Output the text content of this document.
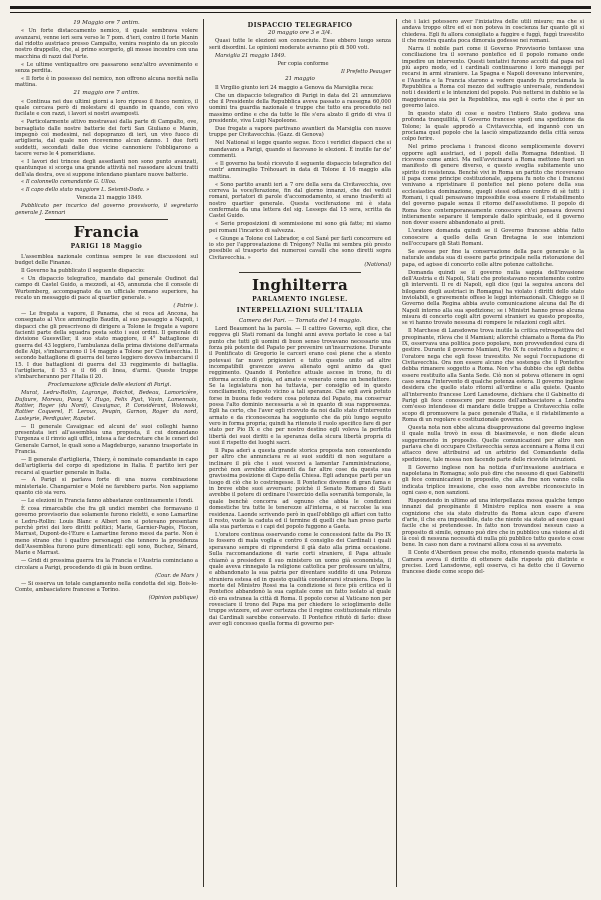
19 Maggio ore 7 antim.

« Un forte distaccamento nemico, il quale sembrava volere avanzarsi, venne ieri sera verso le 7 pom. d'ieri, contro il forte Manin dal ridotto austriaco presso Campalto, venira respinto da un piccolo nostro drappello, che, al primo scorgerlo, gli mosse incontro con una macchina di razzi dal Forte.

« Le ultime ventiquattro ore passarono senz'altro avvenimento e senza perdita.

« Il forte è in possesso del nemico, non offrono alcuna novità nella mattina.

21 maggio ore 7 antim.

« Continua nei due ultimi giorni a loro ripreso il fuoco nemico, il quale cercava però di molestare di quando in quando, con vivo fucilate e con razzi, i lavori si nostri avamposti.

« Particolarmente attivo mostravasi dalla parte di Campalto, ove, bersagliato dalle nostre batterie dei forti San Giuliano e Manin, impegnò coi medesimi, nel dopopranzo di ieri, un vivo fuoco di artiglieria, dal quale non ricevemmo alcun danno. I due forti suddetti, secondati dalle due vicine cannoniere l'obbligarono a tacere verso le 4 pomeridiane.

« I lavori dei trincee degli assedianti non sono punto avanzati, quantunque si scorga una grande attività nel rassodare alcuni tratti dell'ala destra, ove si suppone intendano piantare nuove batterie.

« Il colonnello comandante G. Ulloa.

« Il capo dello stato maggiore L. Seismit-Doda. »

Venezia 21 maggio 1849.

Pubblicato per incarico del governo provvisorio, il segretario generale J. Zennari

Francia
PARIGI 18 Maggio

L'assemblea nazionale continua sempre le sue discussioni sul budget delle Finanze.

Il Governo ha pubblicato il seguente dispaccio:

« Un dispaccio telegrafico, mandato dal generale Oudinot dal campo di Castel Guido, a mezzodì, ai 45, annunzia che il console di Wurtemberg, accompagnato da un ufficiale romano superiore, ha recato un messaggio di pace al quartier generale. »

( Patrie ).

— Le fregata a vapore, il Panama, che si reca ad Ancona, ha consegnato al Vice ammiraglio Baudin, al suo passaggio a Napoli, i dispacci che gli prescrivono di dirigere a Tolone le fregate a vapore facienti parte della squadra posta sotto i suoi ordini. Il generale di divisione Gueswiller, il suo stato maggiore, il 4° battaglione di guerra del 43 leggiero, l'ambulanza della prima divisione dell'armata delle Alpi, s'imbarcarono il 14 maggio a Tolone per Civitavecchia. Il secondo battaglione di guerra del terzo leggiero doveva imbarcarsi il 15. I due battaglioni di guerra del 33 reggimento di battaglia. l'artiglieria, il 53 e il 66 di linea, d'armi. Queste truppe s'imbarcheranno per l'Italia il 20.

Proclamazione ufficiale delle elezioni di Parigi.

Murat, Ledru-Rollin, Lagrange, Boichot, Bedeau, Lamoricière, Dufaure, Moreau, Passy, V. Hugo, Felix Pyat, Vavin, Lamennais, Rattier, Roger (du Nord), Cavaignac, P. Considérant, Wolowski, Rattier Coquerel, F. Leroux, Peupin, Garnon, Roger du nord, Lasteyrie, Perdiguier, Rapatel.

— Il generale Cavaignac ed alcuni de' suoi colleghi hanno presentata ieri all'assemblea una proposta, il cui domandano l'urgenza e il rinvio agli uffici, intesa a far decretare che le ceneri del Generale Carnot, le quali sono a Magdeburgo, saranno trasportate in Francia.

— Il generale d'artiglieria, Thiery, è nominato comandante in capo dell'artiglieria del corpo di spedizione in Italia. È partito ieri per recarsi al quartier generale in Italia.

— A Parigi si parlava forte di una nuova combinazione ministeriale. Changarnier e Molé ne farebbero parte. Non sappiamo quanto ciò sia vero.

— Le elezioni in Francia fanno abbastanze continuamente i fondi.

È cosa rimarcabile che fra gli undici membri che formavano il governo provvisorio due solamente furono rieletti, e sono Lamartine e Ledru-Rollin: Louis Blanc e Albert non si potevano presentare perchè privi dei loro diritti politici; Marie, Garnier-Pagès, Flocon, Marrast, Dupont-de-l'Eure e Lamartine ferono messi da parte. Non è meno strano che i quattro personaggi che tennero la presidenza dell'Assemblea furono pure dimenticati: egli sono, Buchez, Sénard, Marie e Marrast.

— Gridi di prossima guerra tra la Francia e l'Austria cominciano a circolare a Parigi, procedendo di già in buon ordine.

(Cour. de Mars )

— Si osserva un totale cangiamento nella condotta del sig. Bois-le-Comte, ambasciatore francese a Torino.

(Opinion publique)

DISPACCIO TELEGRAFICO
20 maggio ore 3 e 3/4.

Quasi tutte le elezioni son conosciute. Esse ebbero luogo senza serii disordini. Le opinioni moderate avranno più di 500 voti.

Marsiglia 21 maggio 1849.

Per copia conforme

Il Prefetto Peauger

21 maggio

Il Virgilio giunto ieri 24 maggio a Genova da Marsiglia reca:

Che un dispaccio telegrafico di Parigi in data del 21 annunziava che il Presidente della Repubblica aveva passato a rassegna 60,000 uomini tra guardia nazionale e truppe che tutto era proceduto nel massimo ordine e che da tutte le file s'era alzato il grido di viva il presidente, viva Luigi Napoleone.

Due fregate a vapore partivano avantieri da Marsiglia con nuove truppe per Civitavecchia. (Gazz. di Genova)

Nel National si legge quanto segue. Ecco i veridici dispacci che si mandavano a Parigi, quando si facevano le elezioni. È inutile far de' commenti.

« Il governo ha testè ricevuto il seguente dispaccio telegrafico del contr' ammiraglio Tréhouart in data di Tolone il 16 maggio alla mattina.

« Sono partito avanti ieri a 7 ore della sera da Civitavecchia, ove correva la voce/ferazione, fin dal giorno innanzi, che dei veduti romani, portatori di parole d'accomodamento, si erano trasferiti al nostro quartier generale. Questa vociferazione mi è stata confermata da una lettera del sig. Lesseps dal 15 sera, scritta da Castel Guido.

« Serie proposizioni di sommissione mi sono già fatte; mi siamo pei romani l'incarico di salvezza.

« Giunge a Tolone col Labrador, e col Sané per farli concorrere ed io sto per l'approvatazione di Trégony? Nulla mi sembra più presto possibile al trasporto dei numerosi cavalli che sono diretti sopra Civitavecchia. »

(National)

Inghilterra
PARLAMENTO INGLESE.
INTERPELLAZIONI SULL'ITALIA
Camera dei Pari. — Tornata del 14 maggio.

Lord Beaumont ha la parola. — Il cattivo Governo, egli dice, che reggeva gli Stati romani da lunghi anni aveva portato le cose a tal punto che tutti gli uomini di buon senso trovavano necessario una forza più potente del Papato per prevenire un'insurrezione. Durante il Pontificato di Gregorio le carceri erano così piene che a stento potevasi far nuovi prigionieri e tutto questo unito ad altre incompatibili gravezze aveva alienato ogni animo da quel reggimento. Quando il Pontefice attuale ascese in trono, fu di riforma accolto di gioia, ed amato e venerato come un benefattore. Se la legislatura non ha tuttavia, per consiglio ed in questo conciliamento, risposto vicino a tali speranze. Che egli avrà potuto forse in buona fede vedere cosa potenza del Papato, ma conservar possa l'alto dominio necessaria a sè in quanto di sua rappresenza. Egli ha certo, che l'aver egli ricevuto da noi dallo stato d'intervento armato e da riconoscenza ha soggiunto che da più lungo seguito vero in forma propria; quindi ha ritenuto il ruolo specifico fare di per stato per Pio IX e che per nostro destino egli voleva la perfetta libertà dei suoi diritti e la speranza della sicura libertà propria di suoi il rispetto dei luoghi sacri.

Il Papa aderì a questa grande storica proposta non consentendo per altro che annunciava re ai suoi sudditi di non seguitare a inclinare il più che i suoi vescovi a lamentar l'amministrazione, perchè non avrebbe altrimenti da far altre cose da questa sua gravissima posizione di Capo della Chiesa. Egli adunque partì per un luogo di ciò che lo costringesse. Il Pontefice divenne di gran fama e in breve ebbe suoi avversari; poichè il Senato Romano di Stati avrebbe il potere di ordinare l'esercizio della sovranità temporale, la quale benchè concorra ad ognuno che abbia le condizioni domestiche tra tutte le tenerezze all'interna, e si raccolse la sua residenza. Laonde scrivendo però in quell'obbligo gli affari con tutto il resto, vuole la caduta ed il termine di quelli che han preso parte alla sua partenza e i capi del popolo fuggono a Gaeta.

L'oratore continua osservando come le concessioni fatte da Pio IX lo fossero di mala voglia e contro il consiglio dei Cardinali i quali speravano sempre di riprendersi il già dato alla prima occasione. Sulla raccomandazione di varie corti straniere, il Papa attuale chiamò a presiedere il suo ministero un uomo già economista, il quale aveva rinnegato la religione cattolica per professare un'altra, e abbandonato la sua patria per diventare suddito di una Potenza straniera estesa ed in questo qualità considerarsi straniera. Dopo la morte del Ministro Rossi ma la condizione si fece più critica ed il Pontefice abbandonò la sua capitale come un fatto isolato al quale ciò era estranea la città di Roma. Il popolo corse al Vaticano non per rovesciare il trono del Papa ma per chiedere lo scioglimento delle truppe svizzere, ed aver certezza che il regime costituzionale ritirato dai Cardinali sarebbe conservato. Il Pontefice rifiutò di farlo: disse aver egli concesso quella forma di governo per-

chè i laici potessero aver l'iniziativa delle utili misure; ma che si andava troppo oltre ed ei non poteva in coscienza far quanto gli si chiedeva. Egli fu allora consigliato a fuggire e fuggì, fuggì travestito il che mostra quanta poca dimoraia godesse nei romani.

Narra il nobile pari come il Governo Provvisorio tentasse una conciliazione tra il sovrano pontefice ed il popolo romano onde impedire un intervento. Questi tentativi furono accolti dal papa nel più aspro modo, ed i cardinali continuarono i loro maneggi per recarsi in armi straniere. La Spagna e Napoli dovevano intervenire, e l'Austria e la Francia starono a vedere quando fu proclamata la Repubblica a Roma col mezzo del suffragio universale, rendendosi noti i desiderii e le intenzioni del popolo. Può nettersi in dubbio se la maggioranza sia per la Repubblica, ma egli è certo che è per un governo laico.

In questo stato di cose e nostro l'intiero Stato godeva una profonda tranquillità, il Governo francese spedì una spedizione da Tolone; la quale approdò a Civitavecchia, ed ingannò con un proclama quel popolo che la lasciò simpatizzando della città senza colpo ferire.

Nel primo proclama i francesi dicono semplicemente dovervi opporre agli austriaci, ed i popoli della Romagna fidentissi. Il ricevono come amici. Ma nell'avvicinarsi a Roma mettono fuori un manifesto di genere diverso, e questo sveglia subitamente uno spirito di resistenza. Benchè vivi in Roma un partito che ricevevano il papa come principe costituzionale, appena fu noto che i francesi venivano a ripristinare il pontefice nel pieno potere della sua ecclesiastica dominazione, quegli stessi odiano contro di sè tutti i Romani, i quali pensavano impossibile essa essere il ristabilimento del governo papale senza il ritorno dell'assolutismo. Il popolo di Roma fece contemporaneamente conoscere ch'ei pensava doversi intieramente separare il temporale dallo spirituale, ed il governo non dover essere abbandonato ai preti.

L'oratore domanda quindi se il Governo francese abbia fatto conoscere a quello della Gran Bretagna le sue intenzioni nell'occupare gli Stati Romani.

Se avesse per fine la conservazione della pace generale o la naturale andata sua di essere parte principale nella ristorazione del papa, ed agisse di concerto colle altre potenze cattoliche.

Domanda quindi se il governo nulla sappia dell'invasione dell'Austria e di Napoli, Stati che protestavano recentemente contro gli interventi. Il re di Napoli, egli dice (qui la seguiva ancora del bilogamo degli austriaci in Romagna) ha violato i diritti dello stato inviolabili, e gravemente offeso le leggi internazionali. Chieggo se il Governo della Regina abbia avuto comunicazione alcuna dal Re di Napoli intorno alla sua spedizione; se i Ministri hanno preso alcuna misura di concerto cogli altri governi stranieri su questo proposito, se vi hanno trovato nessuna di rompere le relazioni cogli altri.

Il Marchese di Lansdowne trova inutile la critica retrospettiva del preopinante, rileva che il Mamiani; allorchè chiamato a Roma da Pio IX, osservava una politica poco popolare, non provvedendosi cura di gestire. Durante il governo Mamiani, Pio IX fu costretto a fuggire; e l'oratore nega che egli fosse travestito. Ne seguì l'occupazione di Civitavecchia. Ora non essere alcuno che sostenga che il Pontefice debba rimanere soggetto a Roma. Non v'ha dubbio che egli debba essere restituito alla Santa Sede. Ciò non si poteva ottenere in ogni caso senza l'intervento di qualche potenza estera. Il governo inglese desidera che quello stato ritorni all'ordine e alla quiete. Quanto all'intervento francese Lord Lansdowne, dichiara che il Gabinetto di Parigi gli fece conoscere per mezzo dell'ambasciatore a Londra com'esso intendesse di mandare delle truppe a Civitavecchia colle scopo di promuovere la pace generale d'Italia, e il ristabilimento a Roma di un regolare e costituzionale governo.

Questa nota non ebbe alcuna disapprovazione dal governo inglese il quale nulla trovò in essa di biasimevole, e non diede alcun suggerimento in proposito. Quelle comunicazioni per altro non parlava che di occupare Civitavecchia senza accennare a Roma il cui attacco deve attribuirsi ad un arbitrio del Comandante della spedizione, tale mossa non facendo parte delle ricevute istruzioni.

Il Governo inglese non ha notizia d'un'invasione austriaca e napoletana in Romagna; solo può dire che nessuno di quei Gabinetti gli fece comunicazioni in proposito, che alla fine non vanno colla indicata triplice invasione, che esso non avrebbe riconosciuto in ogni caso e, non sanzioni.

Rispondendo in ultimo ad una interpellazza mossa qualche tempo innanzi dal preopinante il Ministro replica non essere a sua cognizione che sia stato distrutto da Roma alcun capo d'avere d'arte, il che era impossibile, dato che niente sia stato ad esso quasi facile che si pretendesse. In fatto non trovandosi nessun caso a proposito di simile, ognuno può dire che in pubblico una visione al di là così di nessuna necessità di nulla più pubblico tutto questo e cose bene. In caso non dare a rovinarsi allora cosa si sa avvenuto.

Il Conte d'Aberdeen prese che molto, ritenendo questa materia la Camera aveva il diritto di ottenere dalle risposte più distinte e precise. Lord Lansdowne, egli osserva, ci ha detto che il Governo francese diede come scopo del-
